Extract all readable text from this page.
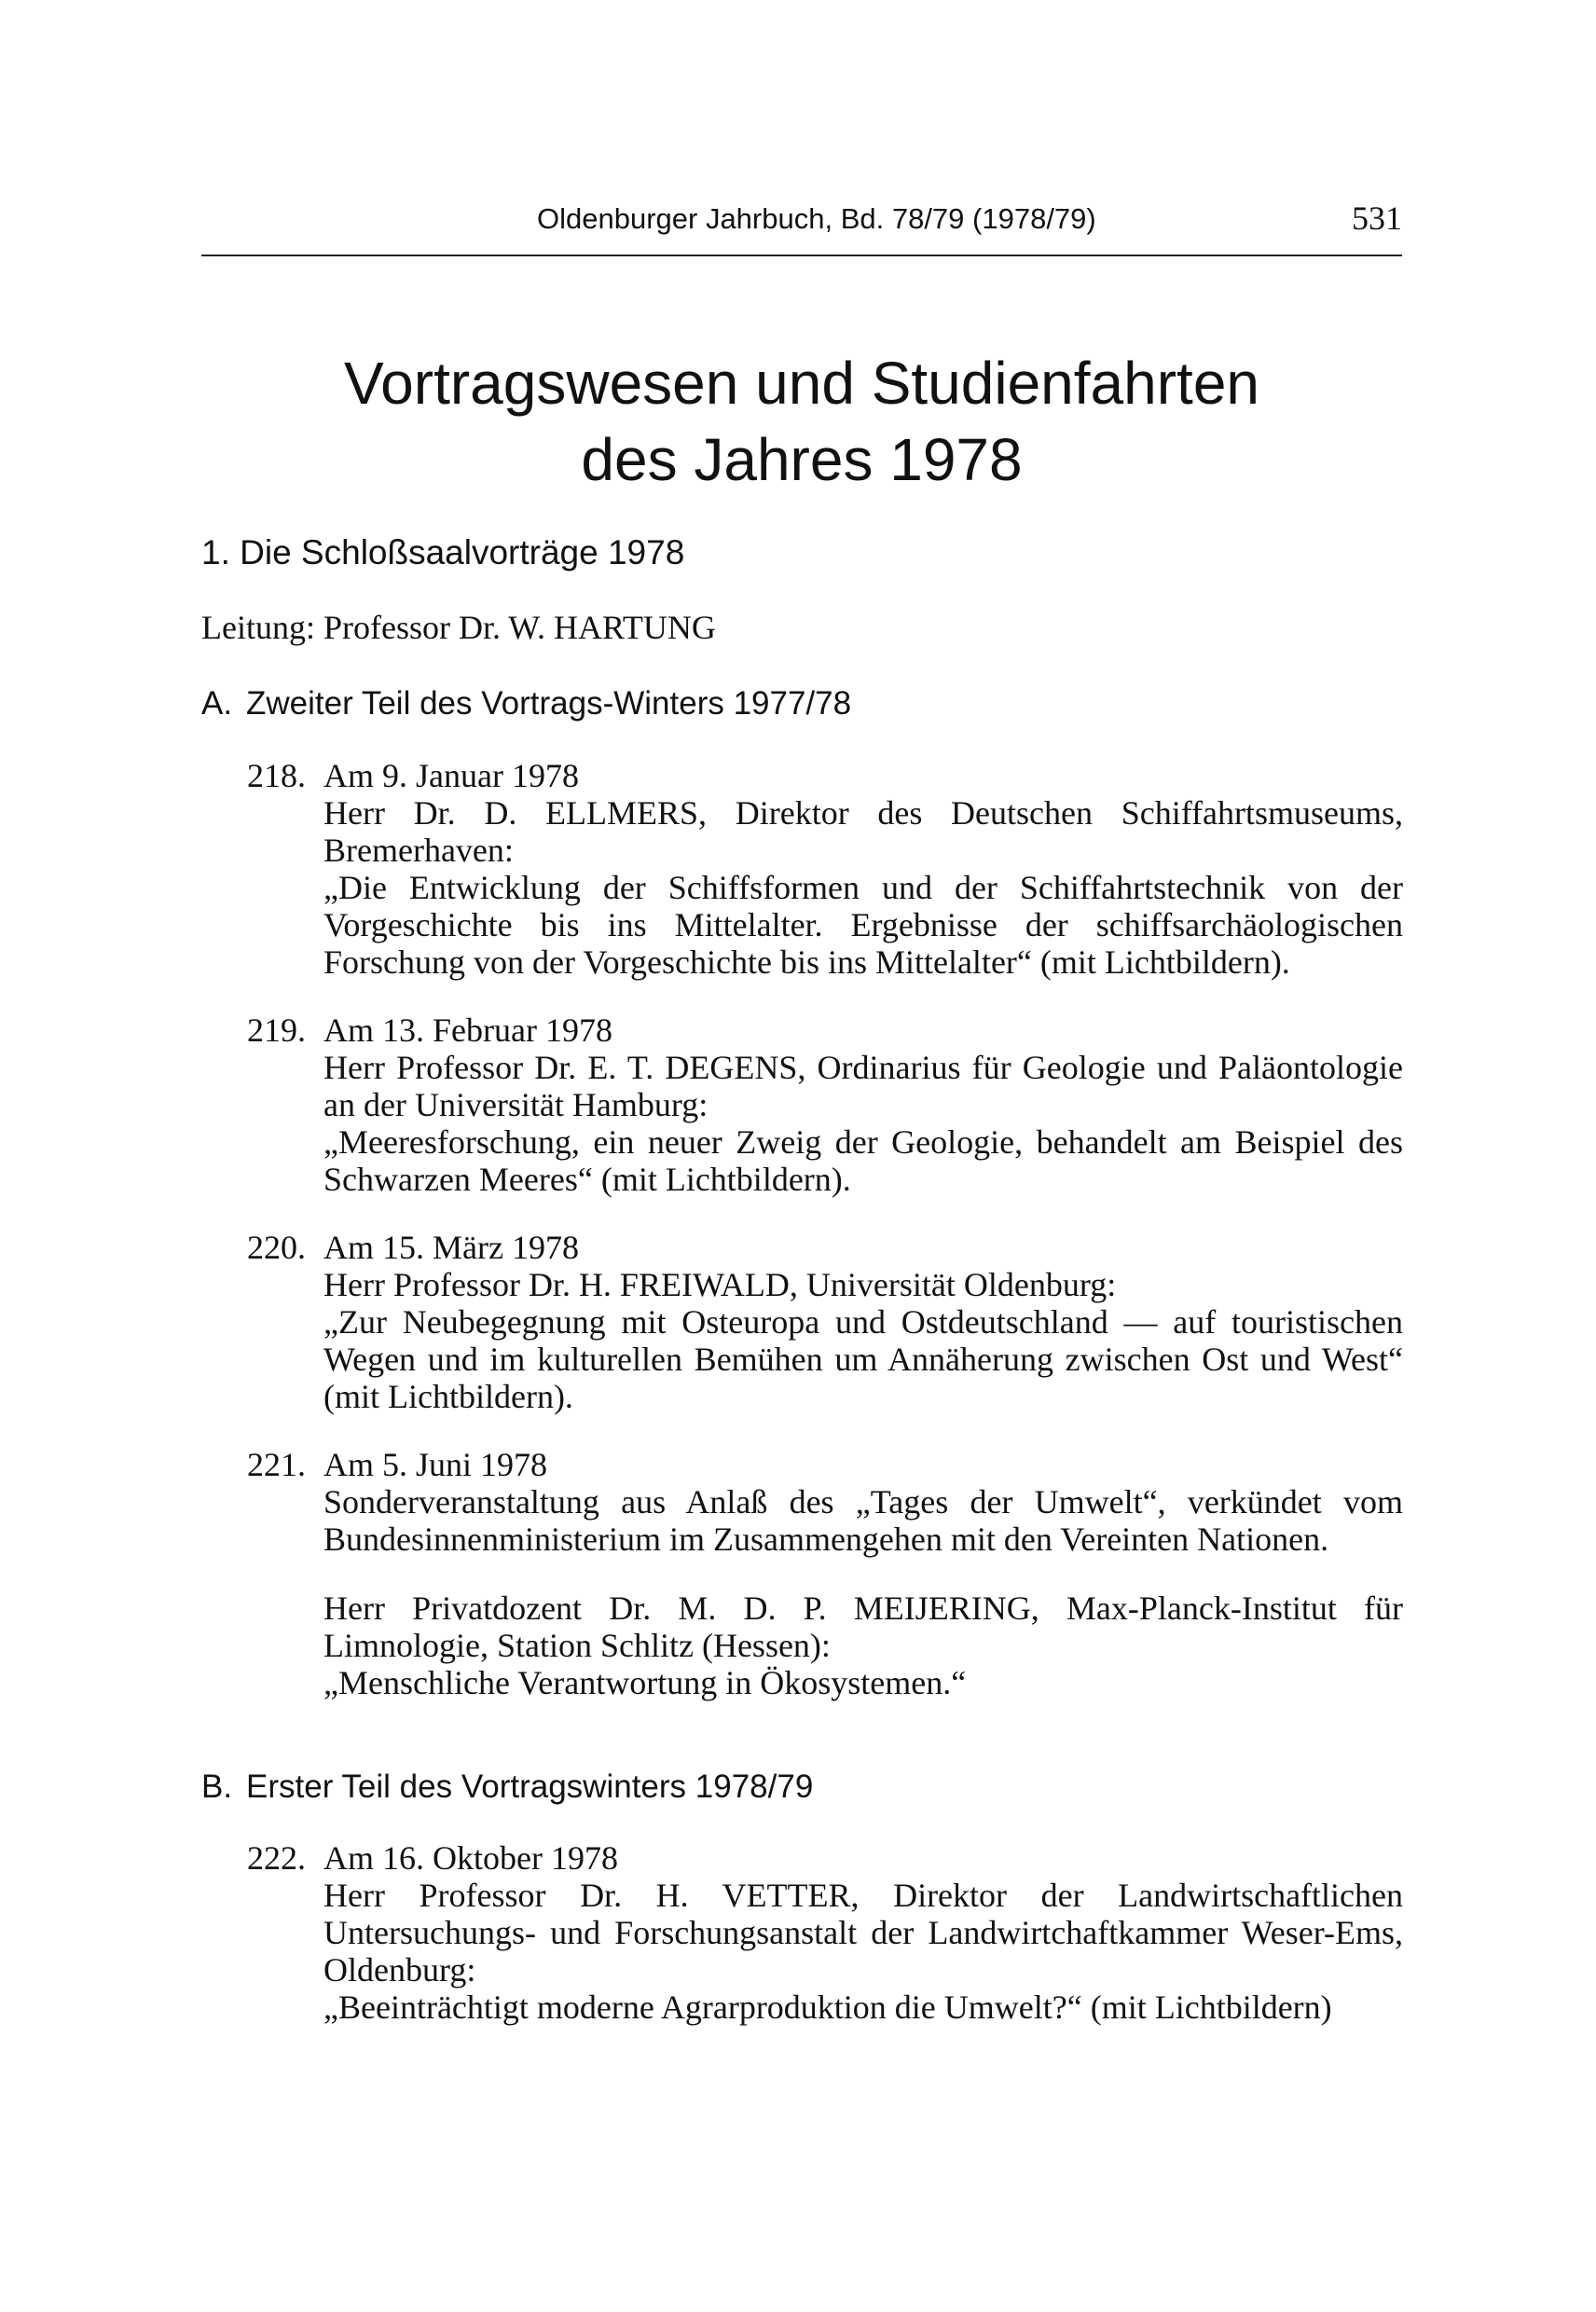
Oldenburger Jahrbuch, Bd. 78/79 (1978/79)	531
Vortragswesen und Studienfahrten
des Jahres 1978
1. Die Schloßsaalvorträge 1978
Leitung: Professor Dr. W. HARTUNG
A. Zweiter Teil des Vortrags-Winters 1977/78
218. Am 9. Januar 1978
Herr Dr. D. ELLMERS, Direktor des Deutschen Schiffahrtsmuseums, Bremerhaven:
„Die Entwicklung der Schiffsformen und der Schiffahrtstechnik von der Vorgeschichte bis ins Mittelalter. Ergebnisse der schiffsarchäologischen Forschung von der Vorgeschichte bis ins Mittelalter“ (mit Lichtbildern).
219. Am 13. Februar 1978
Herr Professor Dr. E. T. DEGENS, Ordinarius für Geologie und Paläontologie an der Universität Hamburg:
„Meeresforschung, ein neuer Zweig der Geologie, behandelt am Beispiel des Schwarzen Meeres“ (mit Lichtbildern).
220. Am 15. März 1978
Herr Professor Dr. H. FREIWALD, Universität Oldenburg:
„Zur Neubegegnung mit Osteuropa und Ostdeutschland — auf touristischen Wegen und im kulturellen Bemühen um Annäherung zwischen Ost und West“ (mit Lichtbildern).
221. Am 5. Juni 1978
Sonderveranstaltung aus Anlaß des „Tages der Umwelt“, verkündet vom Bundesinnenministerium im Zusammengehen mit den Vereinten Nationen.
Herr Privatdozent Dr. M. D. P. MEIJERING, Max-Planck-Institut für Limnologie, Station Schlitz (Hessen):
„Menschliche Verantwortung in Ökosystemen.“
B. Erster Teil des Vortragswinters 1978/79
222. Am 16. Oktober 1978
Herr Professor Dr. H. VETTER, Direktor der Landwirtschaftlichen Untersuchungs- und Forschungsanstalt der Landwirtchaftkammer Weser-Ems, Oldenburg:
„Beeinträchtigt moderne Agrarproduktion die Umwelt?“ (mit Lichtbildern)
